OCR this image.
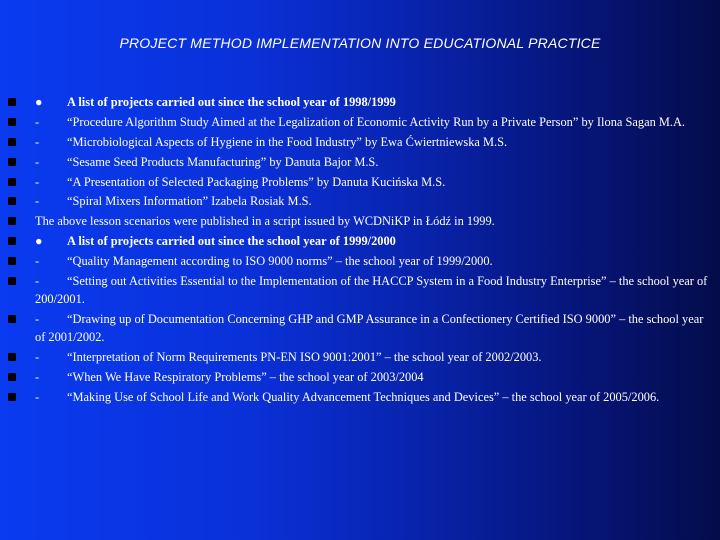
PROJECT METHOD IMPLEMENTATION INTO EDUCATIONAL PRACTICE
● A list of projects carried out since the school year of 1998/1999
- “Procedure Algorithm Study Aimed at the Legalization of Economic Activity Run by a Private Person” by Ilona Sagan M.A.
- “Microbiological Aspects of Hygiene in the Food Industry” by Ewa Ćwiertniewska M.S.
- “Sesame Seed Products Manufacturing” by Danuta Bajor M.S.
- “A Presentation of Selected Packaging Problems” by Danuta Kucińska M.S.
- “Spiral Mixers Information” Izabela Rosiak M.S.
The above lesson scenarios were published in a script issued by WCDNiKP in Łódź in 1999.
● A list of projects carried out since the school year of 1999/2000
- “Quality Management according to ISO 9000 norms” – the school year of 1999/2000.
- “Setting out Activities Essential to the Implementation of the HACCP System in a Food Industry Enterprise” – the school year of 200/2001.
- “Drawing up of Documentation Concerning GHP and GMP Assurance in a Confectionery Certified ISO 9000” – the school year of 2001/2002.
- “Interpretation of Norm Requirements PN-EN ISO 9001:2001” – the school year of 2002/2003.
- “When We Have Respiratory Problems” – the school year of 2003/2004
- “Making Use of School Life and Work Quality Advancement Techniques and Devices” – the school year of 2005/2006.
